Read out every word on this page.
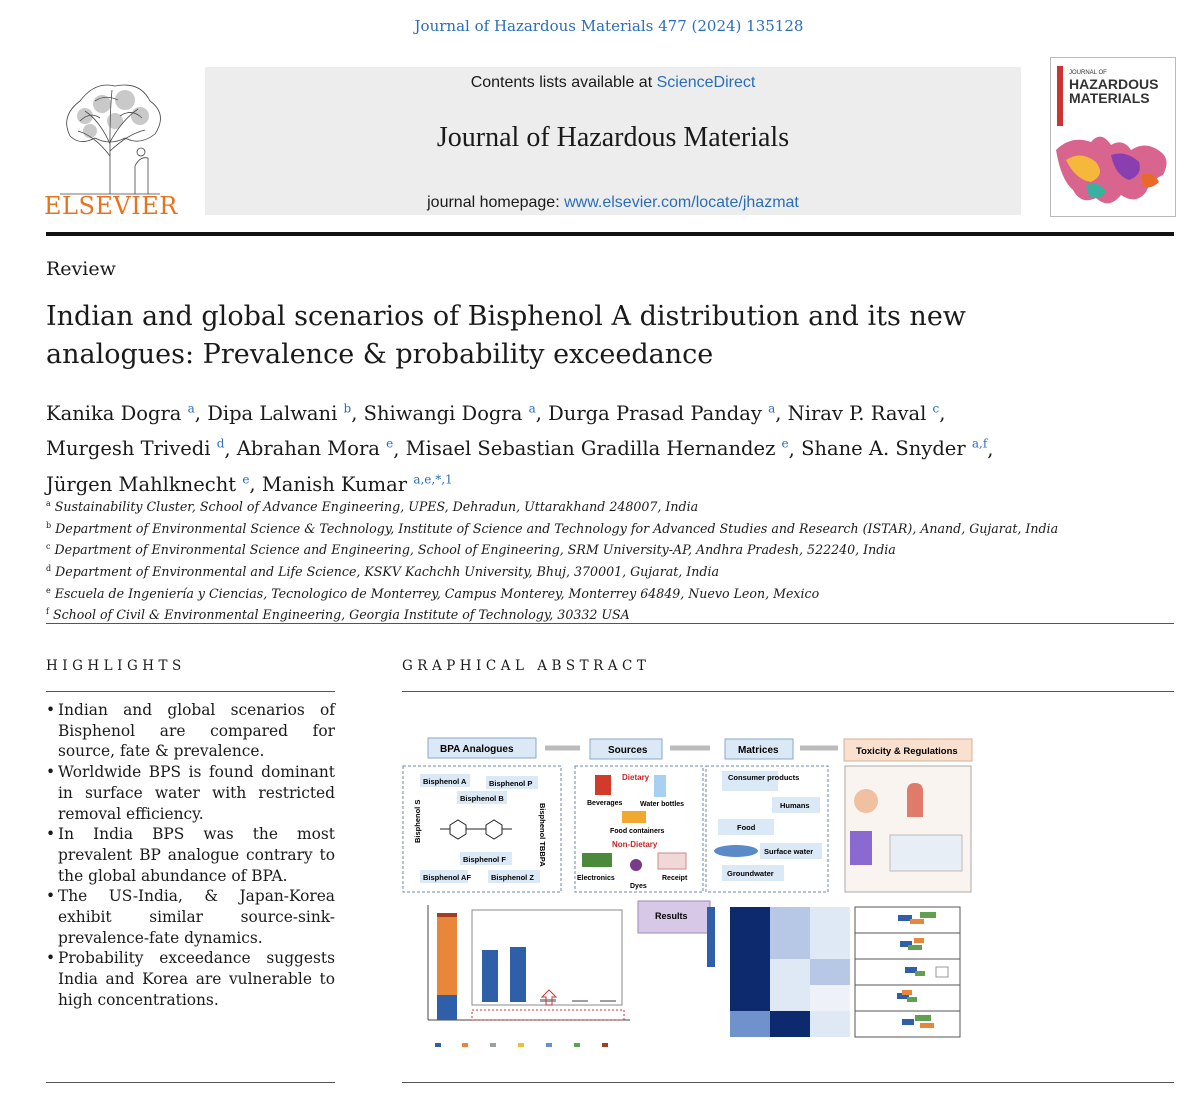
Journal of Hazardous Materials 477 (2024) 135128
ELSEVIER
Contents lists available at ScienceDirect
Journal of Hazardous Materials
journal homepage: www.elsevier.com/locate/jhazmat
JOURNAL OF
HAZARDOUS
MATERIALS
Review
Indian and global scenarios of Bisphenol A distribution and its new
analogues: Prevalence & probability exceedance
Kanika Dogra $^a$, Dipa Lalwani $^b$, Shiwangi Dogra $^a$, Durga Prasad Panday $^a$, Nirav P. Raval $^c$,
Murgesh Trivedi $^d$, Abrahan Mora $^e$, Misael Sebastian Gradilla Hernandez $^e$, Shane A. Snyder $^{a,f}$,
Jürgen Mahlknecht $^e$, Manish Kumar $^{a,e,*,1}$
$^a$ Sustainability Cluster, School of Advance Engineering, UPES, Dehradun, Uttarakhand 248007, India
$^b$ Department of Environmental Science & Technology, Institute of Science and Technology for Advanced Studies and Research (ISTAR), Anand, Gujarat, India
$^c$ Department of Environmental Science and Engineering, School of Engineering, SRM University-AP, Andhra Pradesh, 522240, India
$^d$ Department of Environmental and Life Science, KSKV Kachchh University, Bhuj, 370001, Gujarat, India
$^e$ Escuela de Ingeniería y Ciencias, Tecnologico de Monterrey, Campus Monterey, Monterrey 64849, Nuevo Leon, Mexico
$^f$ School of Civil & Environmental Engineering, Georgia Institute of Technology, 30332 USA
HIGHLIGHTS	GRAPHICAL ABSTRACT
• Indian and global scenarios of Bisphenol are compared for source, fate & prevalence.
• Worldwide BPS is found dominant in surface water with restricted removal efficiency.
• In India BPS was the most prevalent BP analogue contrary to the global abundance of BPA.
• The US-India, & Japan-Korea exhibit similar source-sink-prevalence-fate dynamics.
• Probability exceedance suggests India and Korea are vulnerable to high concentrations.
BPA Analogues	Sources	Matrices	Toxicity & Regulations
Bisphenol A	Bisphenol P
Bisphenol B
Bisphenol S	Bisphenol TBBPA
Bisphenol F
Bisphenol AF	Bisphenol Z
Dietary
Beverages	Water bottles
Food containers
Non-Dietary
Electronics	Receipt
Dyes
Consumer products
Humans
Food
Surface water
Groundwater
Results
